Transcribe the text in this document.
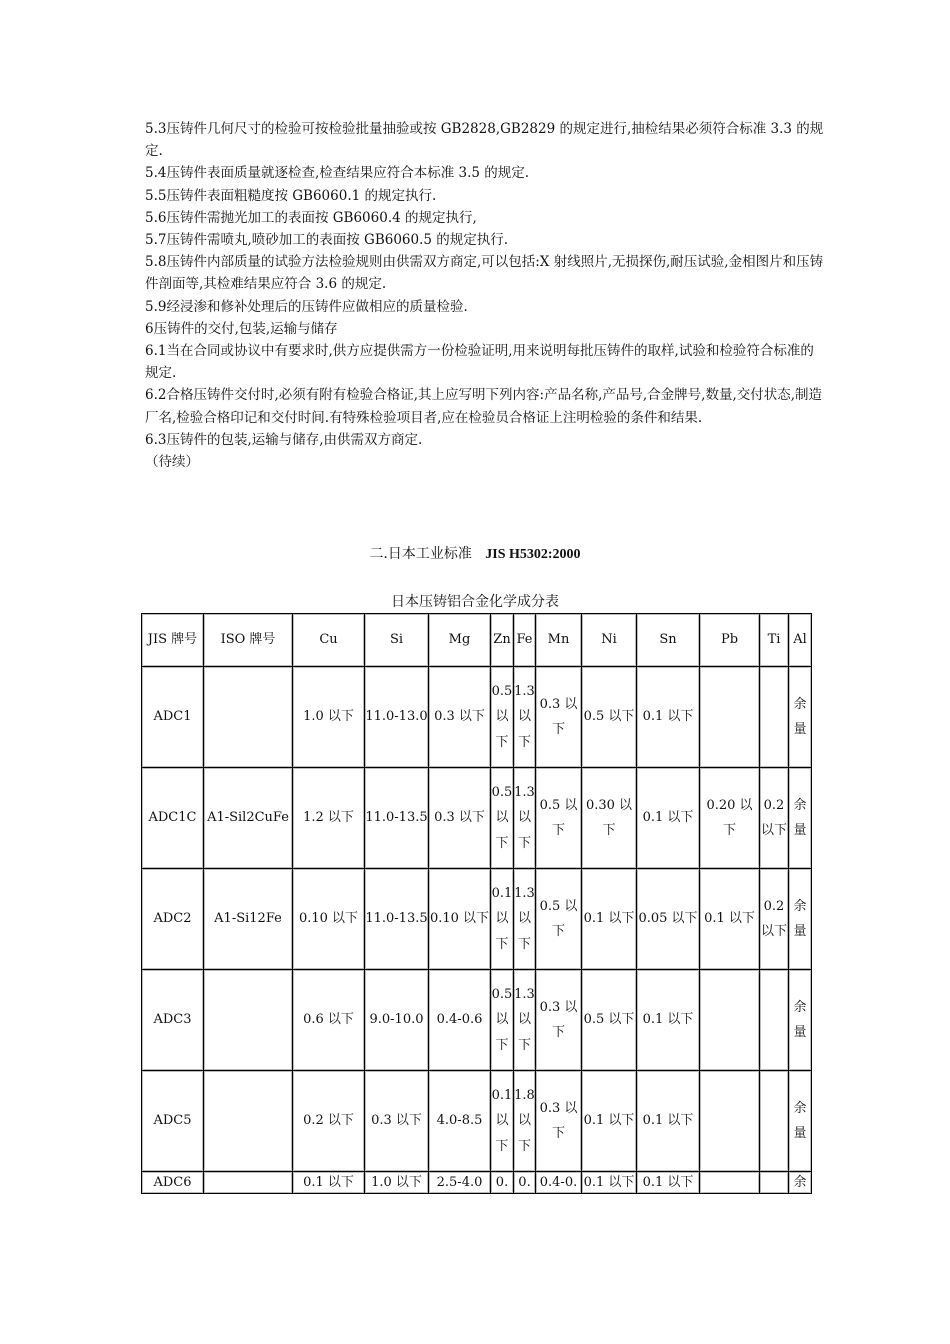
5.3压铸件几何尺寸的检验可按检验批量抽验或按 GB2828,GB2829 的规定进行,抽检结果必须符合标准 3.3 的规定.

5.4压铸件表面质量就逐检查,检查结果应符合本标准 3.5 的规定.

5.5压铸件表面粗糙度按 GB6060.1 的规定执行.

5.6压铸件需抛光加工的表面按 GB6060.4 的规定执行,

5.7压铸件需喷丸,喷砂加工的表面按 GB6060.5 的规定执行.

5.8压铸件内部质量的试验方法检验规则由供需双方商定,可以包括:X 射线照片,无损探伤,耐压试验,金相图片和压铸件剖面等,其检难结果应符合 3.6 的规定.

5.9经浸渗和修补处理后的压铸件应做相应的质量检验.

6压铸件的交付,包装,运输与储存

6.1当在合同或协议中有要求时,供方应提供需方一份检验证明,用来说明每批压铸件的取样,试验和检验符合标准的规定.

6.2合格压铸件交付时,必须有附有检验合格证,其上应写明下列内容:产品名称,产品号,合金牌号,数量,交付状态,制造厂名,检验合格印记和交付时间.有特殊检验项目者,应在检验员合格证上注明检验的条件和结果.

6.3压铸件的包装,运输与储存,由供需双方商定.

（待续）

二.日本工业标准 JIS H5302:2000
日本压铸铝合金化学成分表
JIS 牌号	ISO 牌号	Cu	Si	Mg	Zn	Fe	Mn	Ni	Sn	Pb	Ti	Al
ADC1		1.0 以下	11.0-13.0	0.3 以下	0.5以下	1.3以下	0.3 以下	0.5 以下	0.1 以下			余量
ADC1C	A1-Sil2CuFe	1.2 以下	11.0-13.5	0.3 以下	0.5以下	1.3以下	0.5 以下	0.30 以下	0.1 以下	0.20 以下	0.2以下	余量
ADC2	A1-Si12Fe	0.10 以下	11.0-13.5	0.10 以下	0.1以下	1.3以下	0.5 以下	0.1 以下	0.05 以下	0.1 以下	0.2以下	余量
ADC3		0.6 以下	9.0-10.0	0.4-0.6	0.5以下	1.3以下	0.3 以下	0.5 以下	0.1 以下			余量
ADC5		0.2 以下	0.3 以下	4.0-8.5	0.1以下	1.8以下	0.3 以下	0.1 以下	0.1 以下			余量
ADC6		0.1 以下	1.0 以下	2.5-4.0	0.	0.	0.4-0.	0.1 以下	0.1 以下			余
